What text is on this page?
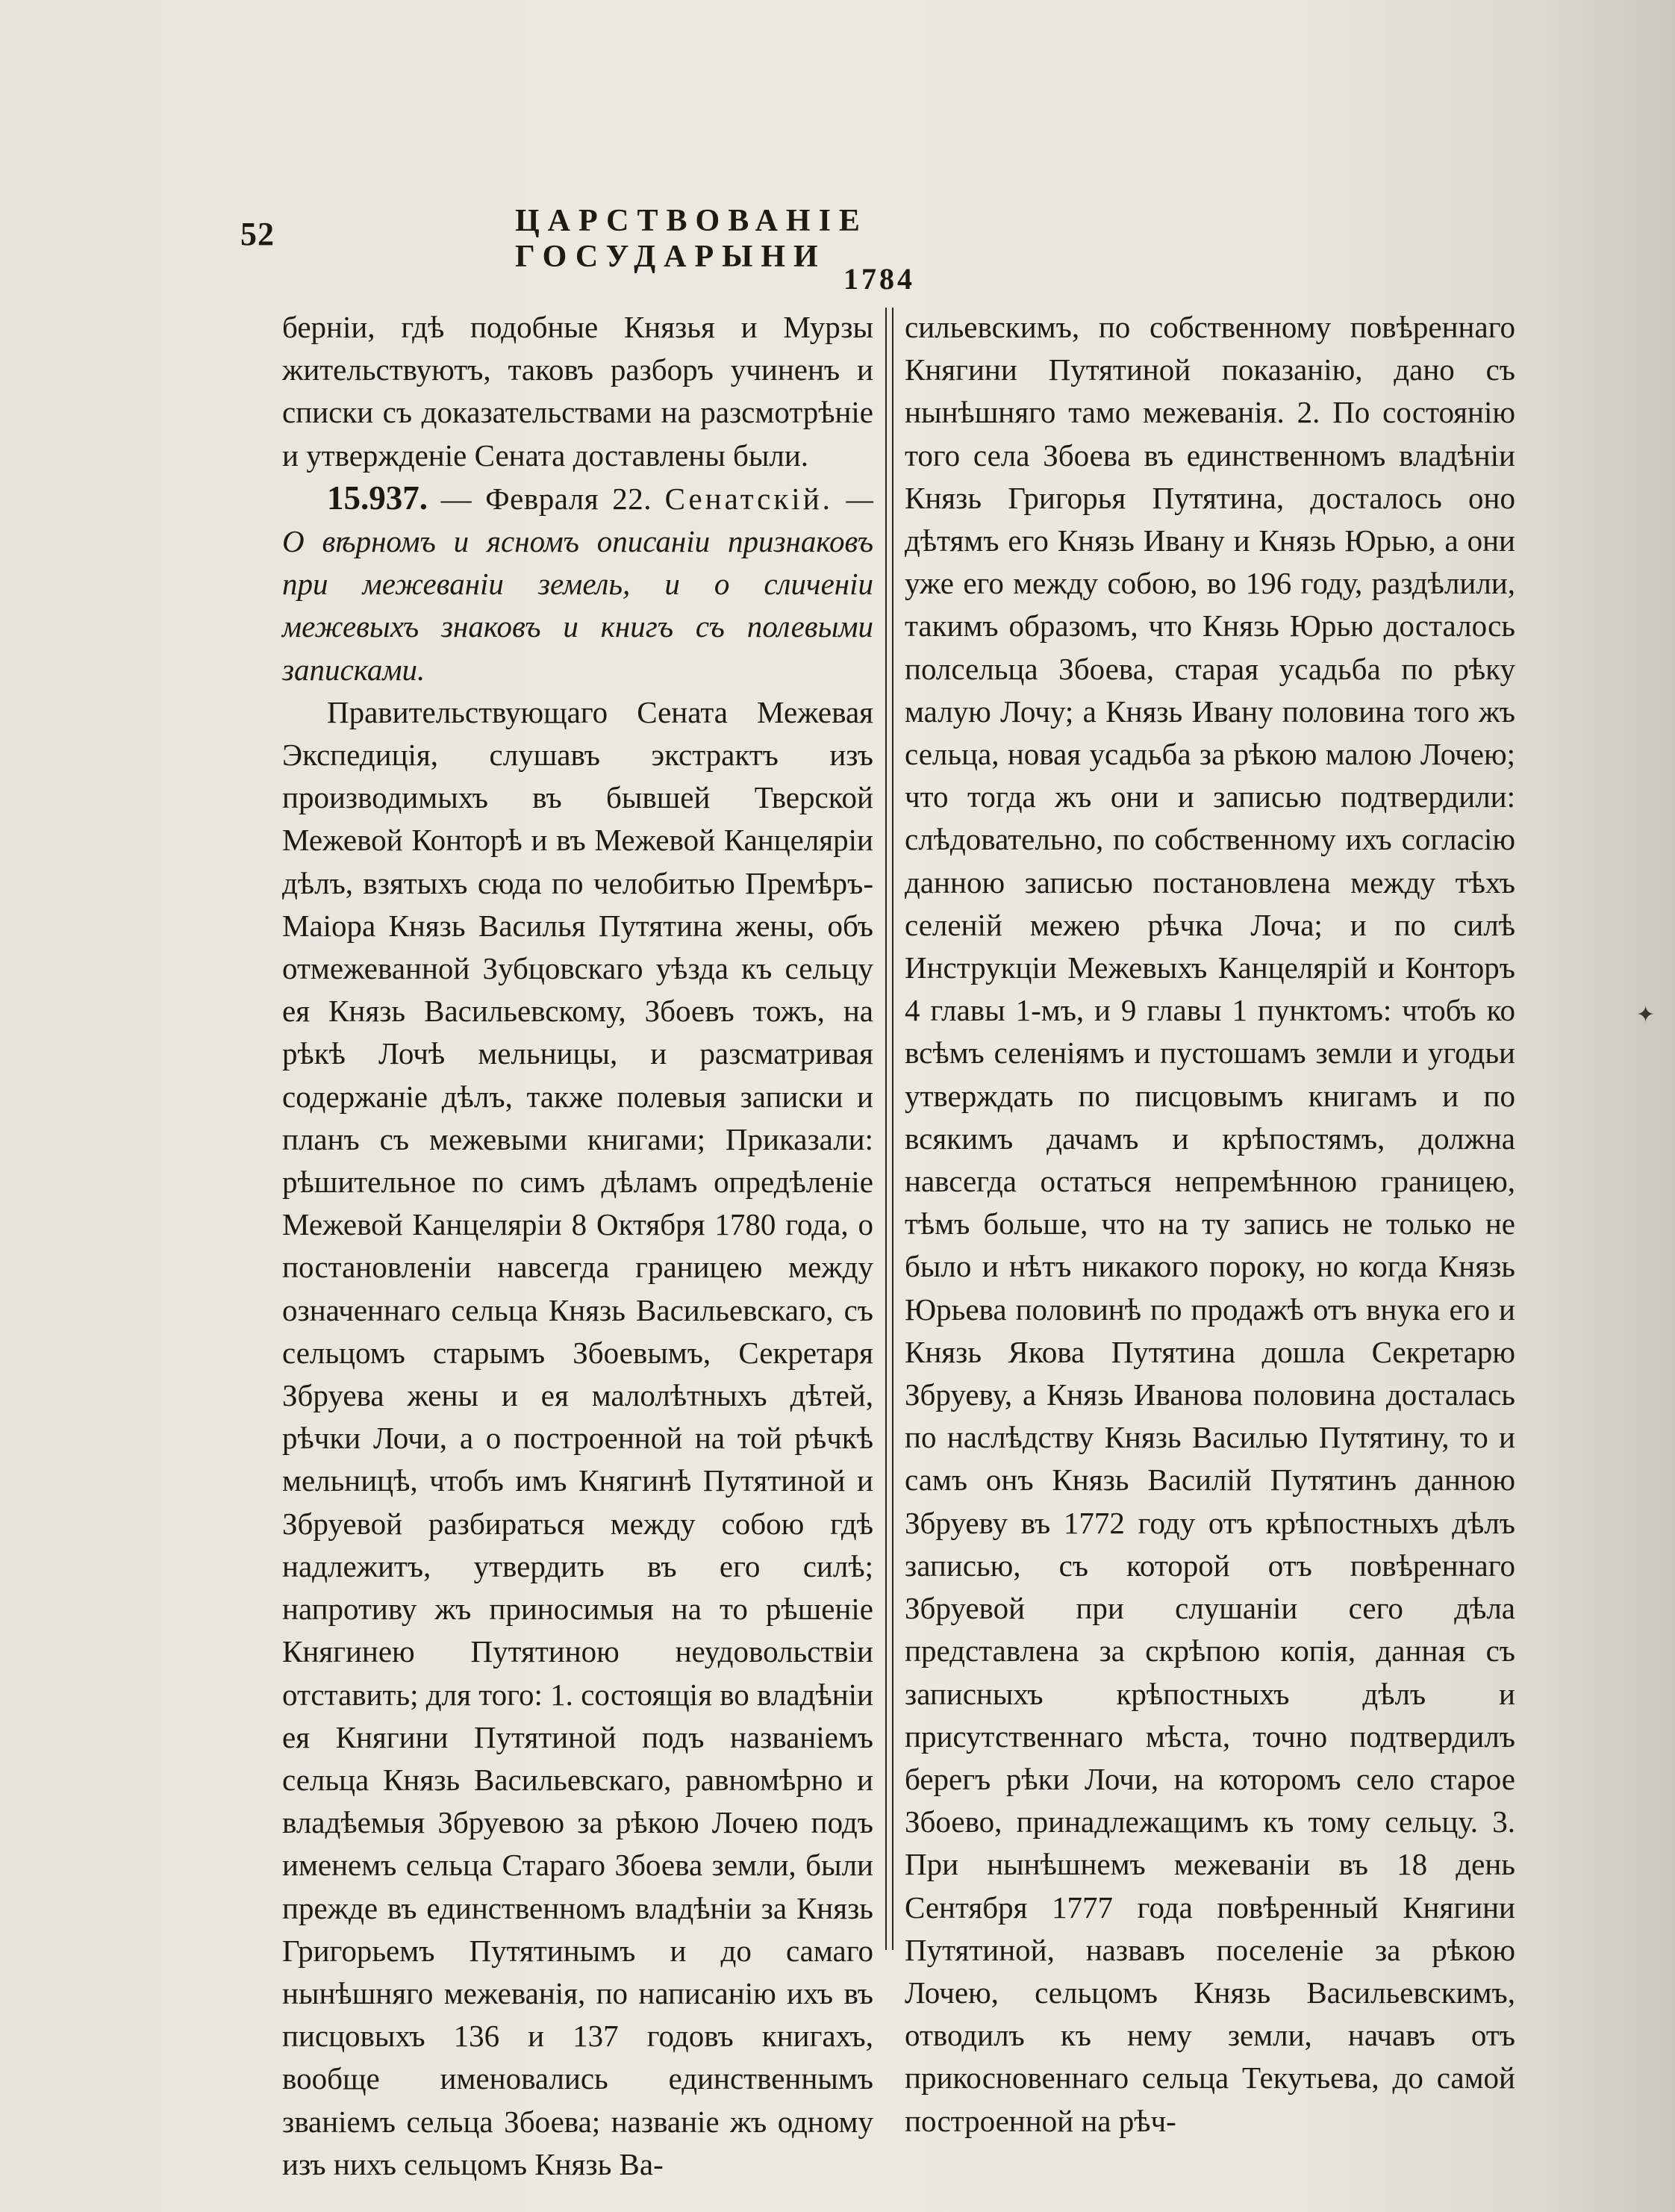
52	ЦАРСТВОВАНІЕ ГОСУДАРЫНИ
1784

берніи, гдѣ подобные Князья и Мурзы жительствуютъ, таковъ разборъ учиненъ и списки съ доказательствами на разсмотрѣніе и утвержденіе Сената доставлены были.

15.937. — Февраля 22. Сенатскій. — О вѣрномъ и ясномъ описаніи признаковъ при межеваніи земель, и о сличеніи межевыхъ знаковъ и книгъ съ полевыми записками.

Правительствующаго Сената Межевая Экспедиція, слушавъ экстрактъ изъ производимыхъ въ бывшей Тверской Межевой Конторѣ и въ Межевой Канцеляріи дѣлъ, взятыхъ сюда по челобитью Премѣръ-Маіора Князь Василья Путятина жены, объ отмежеванной Зубцовскаго уѣзда къ сельцу ея Князь Васильевскому, Збоевъ тожъ, на рѣкѣ Лочѣ мельницы, и разсматривая содержаніе дѣлъ, также полевыя записки и планъ съ межевыми книгами; Приказали: рѣшительное по симъ дѣламъ опредѣленіе Межевой Канцеляріи 8 Октября 1780 года, о постановленіи навсегда границею между означеннаго сельца Князь Васильевскаго, съ сельцомъ старымъ Збоевымъ, Секретаря Збруева жены и ея малолѣтныхъ дѣтей, рѣчки Лочи, а о построенной на той рѣчкѣ мельницѣ, чтобъ имъ Княгинѣ Путятиной и Збруевой разбираться между собою гдѣ надлежитъ, утвердить въ его силѣ; напротиву жъ приносимыя на то рѣшеніе Княгинею Путятиною неудовольствіи отставить; для того: 1. состоящія во владѣніи ея Княгини Путятиной подъ названіемъ сельца Князь Васильевскаго, равномѣрно и владѣемыя Збруевою за рѣкою Лочею подъ именемъ сельца Стараго Збоева земли, были прежде въ единственномъ владѣніи за Князь Григорьемъ Путятинымъ и до самаго нынѣшняго межеванія, по написанію ихъ въ писцовыхъ 136 и 137 годовъ книгахъ, вообще именовались единственнымъ званіемъ сельца Збоева; названіе жъ одному изъ нихъ сельцомъ Князь Ва-

сильевскимъ, по собственному повѣреннаго Княгини Путятиной показанію, дано съ нынѣшняго тамо межеванія. 2. По состоянію того села Збоева въ единственномъ владѣніи Князь Григорья Путятина, досталось оно дѣтямъ его Князь Ивану и Князь Юрью, а они уже его между собою, во 196 году, раздѣлили, такимъ образомъ, что Князь Юрью досталось полсельца Збоева, старая усадьба по рѣку малую Лочу; а Князь Ивану половина того жъ сельца, новая усадьба за рѣкою малою Лочею; что тогда жъ они и записью подтвердили: слѣдовательно, по собственному ихъ согласію данною записью постановлена между тѣхъ селеній межею рѣчка Лоча; и по силѣ Инструкціи Межевыхъ Канцелярій и Конторъ 4 главы 1-мъ, и 9 главы 1 пунктомъ: чтобъ ко всѣмъ селеніямъ и пустошамъ земли и угодьи утверждать по писцовымъ книгамъ и по всякимъ дачамъ и крѣпостямъ, должна навсегда остаться непремѣнною границею, тѣмъ больше, что на ту запись не только не было и нѣтъ никакого пороку, но когда Князь Юрьева половинѣ по продажѣ отъ внука его и Князь Якова Путятина дошла Секретарю Збруеву, а Князь Иванова половина досталась по наслѣдству Князь Василью Путятину, то и самъ онъ Князь Василій Путятинъ данною Збруеву въ 1772 году отъ крѣпостныхъ дѣлъ записью, съ которой отъ повѣреннаго Збруевой при слушаніи сего дѣла представлена за скрѣпою копія, данная съ записныхъ крѣпостныхъ дѣлъ и присутственнаго мѣста, точно подтвердилъ берегъ рѣки Лочи, на которомъ село старое Збоево, принадлежащимъ къ тому сельцу. 3. При нынѣшнемъ межеваніи въ 18 день Сентября 1777 года повѣренный Княгини Путятиной, назвавъ поселеніе за рѣкою Лочею, сельцомъ Князь Васильевскимъ, отводилъ къ нему земли, начавъ отъ прикосновеннаго сельца Текутьева, до самой построенной на рѣч-

✦
